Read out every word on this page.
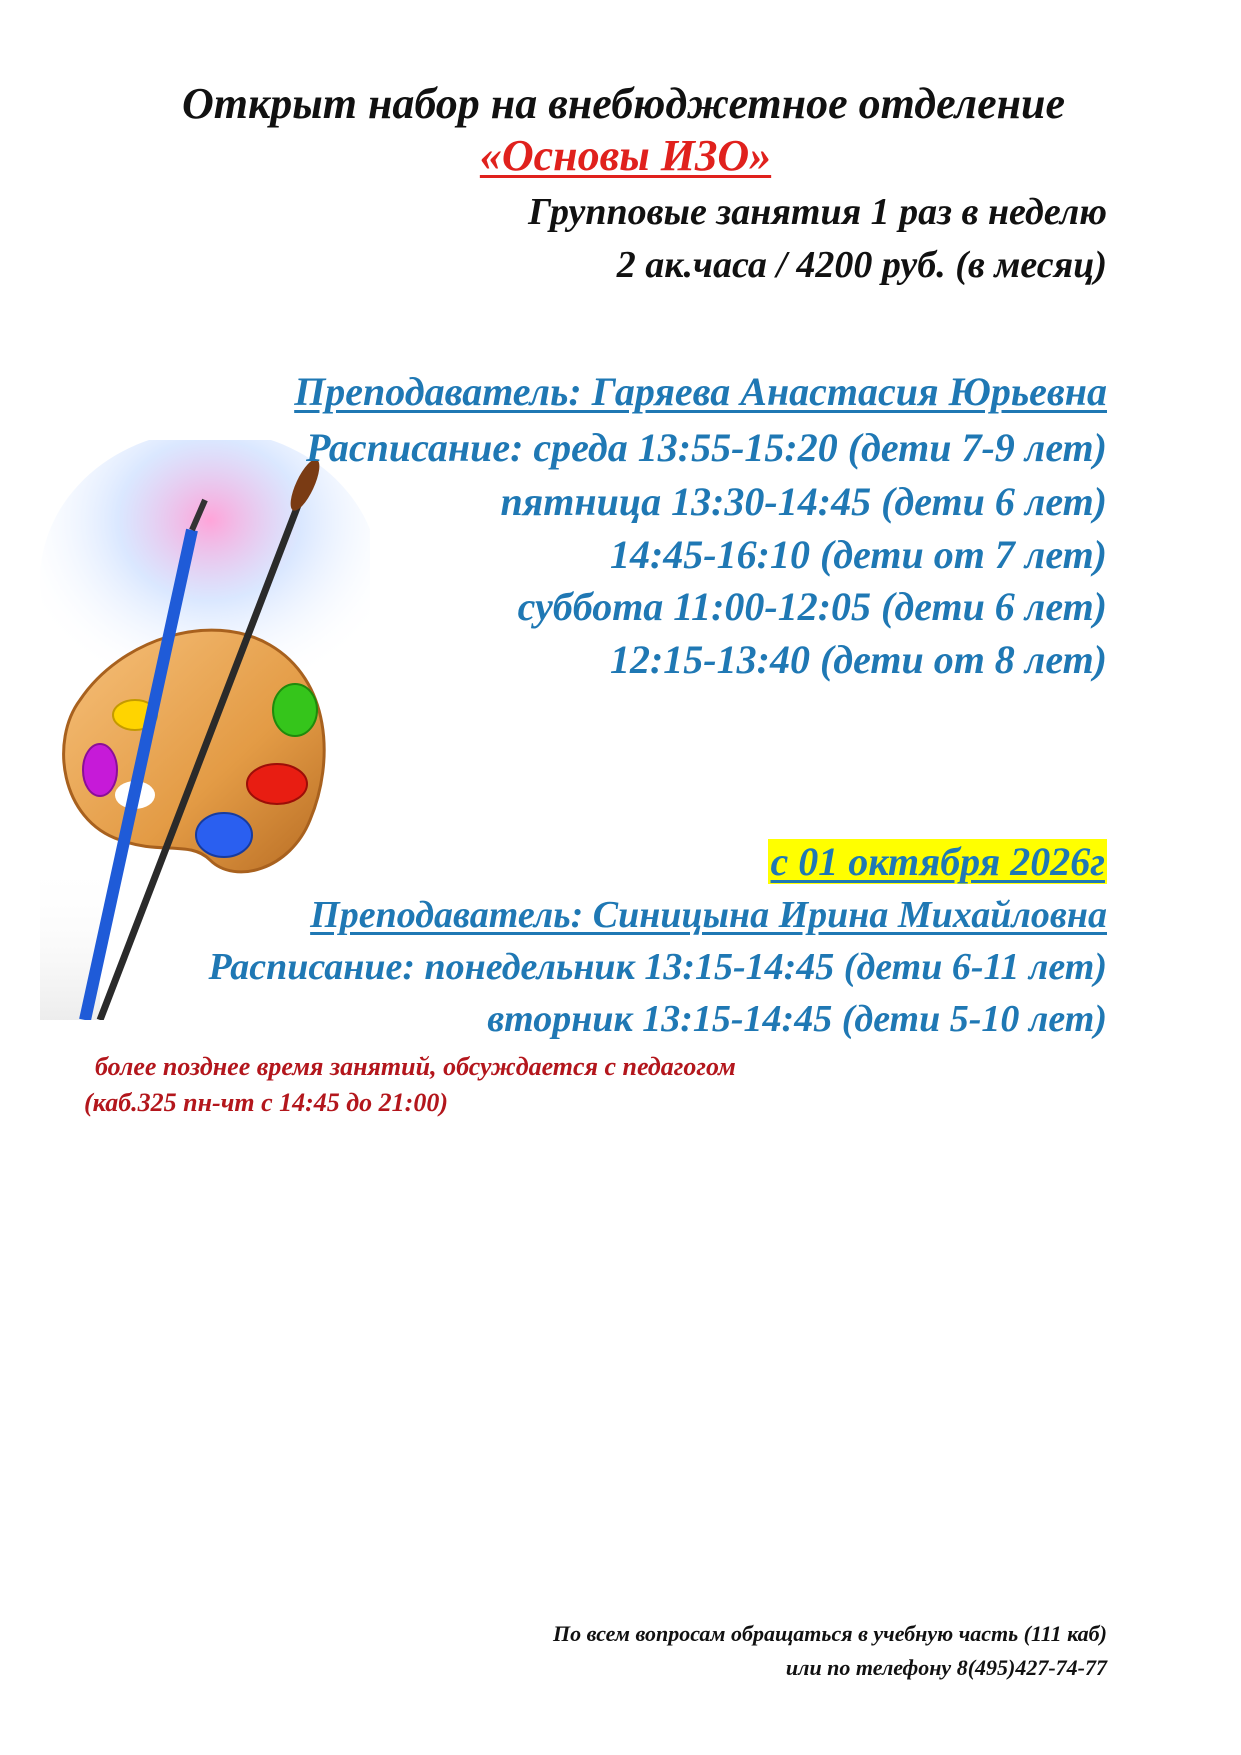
Открыт набор на внебюджетное отделение

«Основы ИЗО»

Групповые занятия 1 раз в неделю

2 ак.часа / 4200 руб. (в месяц)

Преподаватель: Гаряева Анастасия Юрьевна

Расписание: среда 13:55-15:20 (дети 7-9 лет)

пятница 13:30-14:45 (дети 6 лет)

14:45-16:10 (дети от 7 лет)

суббота 11:00-12:05 (дети 6 лет)

12:15-13:40 (дети от 8 лет)

с 01 октября 2026г

Преподаватель: Синицына Ирина Михайловна

Расписание: понедельник 13:15-14:45 (дети 6-11 лет)

вторник 13:15-14:45 (дети 5-10 лет)

более позднее время занятий, обсуждается с педагогом

(каб.325 пн-чт с 14:45 до 21:00)

По всем вопросам обращаться в учебную часть (111 каб)

или по телефону 8(495)427-74-77
